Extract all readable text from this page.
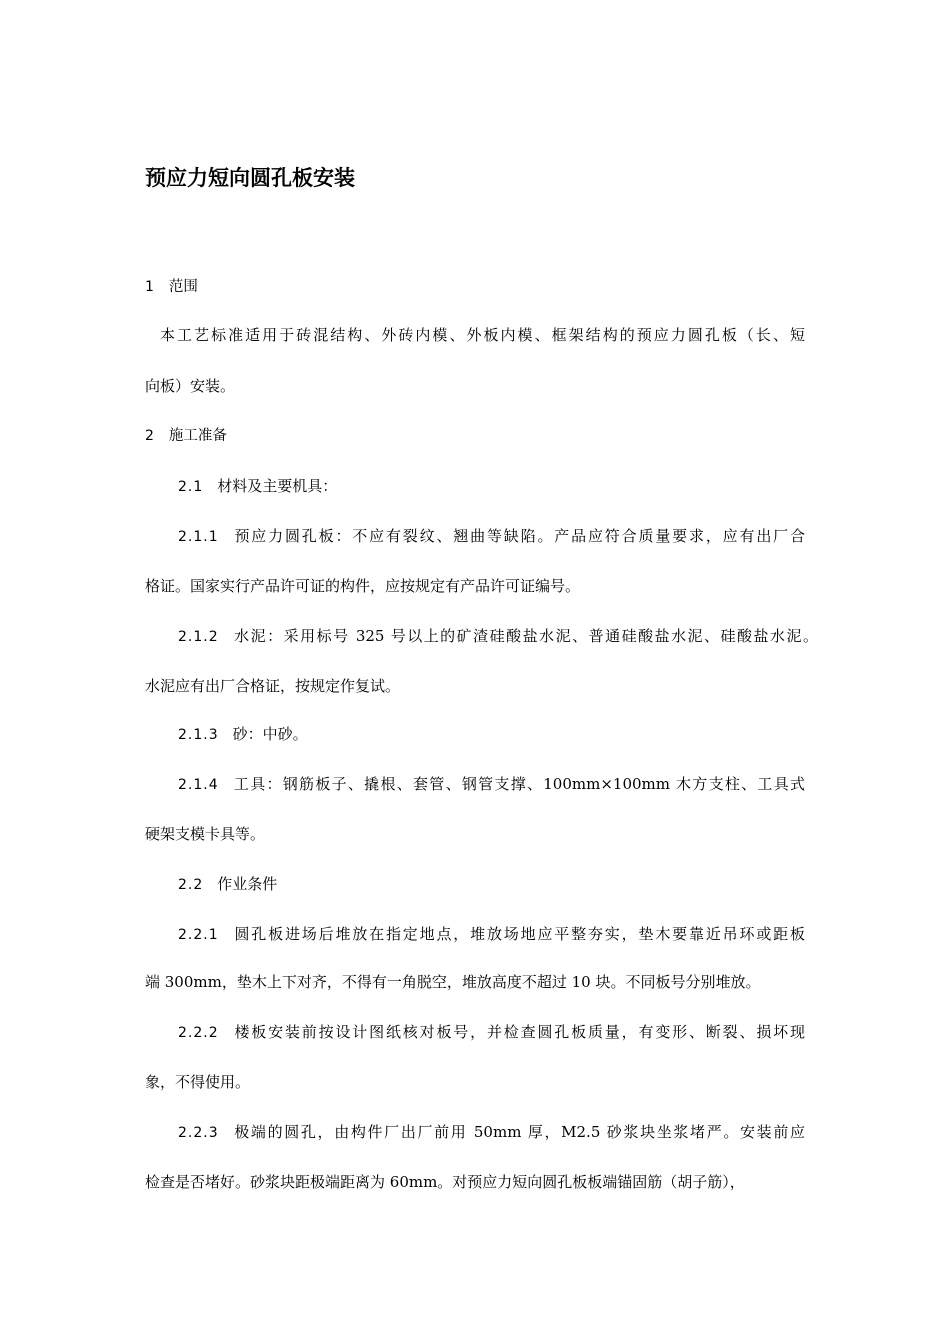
预应力短向圆孔板安装
1 范围
本工艺标准适用于砖混结构、外砖内模、外板内模、框架结构的预应力圆孔板（长、短
向板）安装。
2 施工准备
2.1 材料及主要机具：
2.1.1 预应力圆孔板：不应有裂纹、翘曲等缺陷。产品应符合质量要求，应有出厂合
格证。国家实行产品许可证的构件，应按规定有产品许可证编号。
2.1.2 水泥：采用标号 325 号以上的矿渣硅酸盐水泥、普通硅酸盐水泥、硅酸盐水泥。
水泥应有出厂合格证，按规定作复试。
2.1.3 砂：中砂。
2.1.4 工具：钢筋板子、撬根、套管、钢管支撑、100mm×100mm 木方支柱、工具式
硬架支模卡具等。
2.2 作业条件
2.2.1 圆孔板进场后堆放在指定地点，堆放场地应平整夯实，垫木要靠近吊环或距板
端 300mm，垫木上下对齐，不得有一角脱空，堆放高度不超过 10 块。不同板号分别堆放。
2.2.2 楼板安装前按设计图纸核对板号，并检查圆孔板质量，有变形、断裂、损坏现
象，不得使用。
2.2.3 极端的圆孔，由构件厂出厂前用 50mm 厚，M2.5 砂浆块坐浆堵严。安装前应
检查是否堵好。砂浆块距极端距离为 60mm。对预应力短向圆孔板板端锚固筋（胡子筋），
